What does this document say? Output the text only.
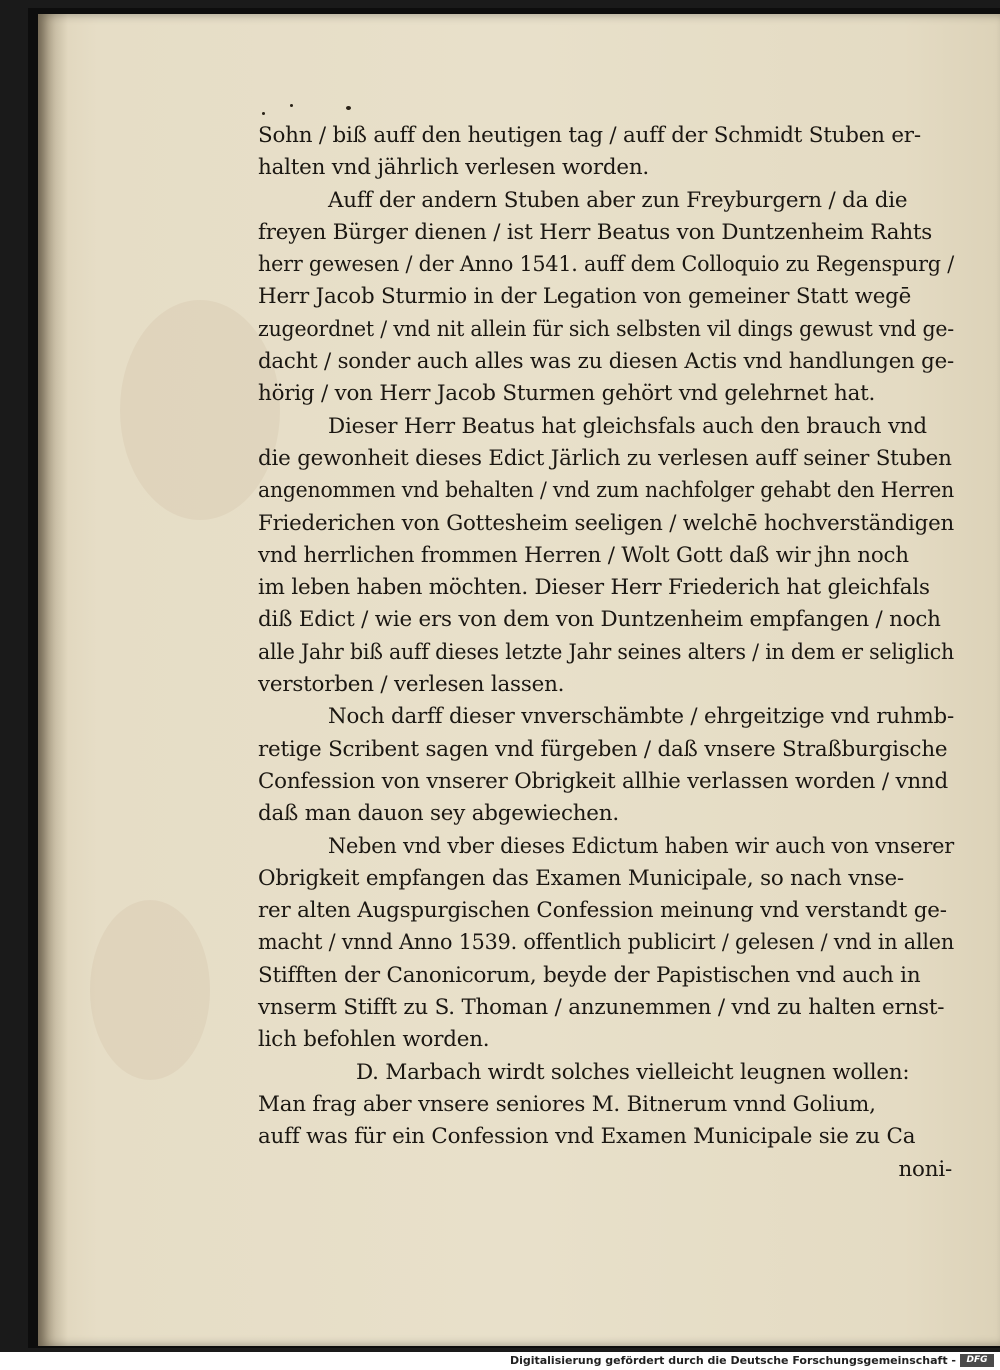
Sohn / biß auff den heutigen tag / auff der Schmidt Stuben er-
halten vnd jährlich verlesen worden.
Auff der andern Stuben aber zun Freyburgern / da die
freyen Bürger dienen / ist Herr Beatus von Duntzenheim Rahts
herr gewesen / der Anno 1541. auff dem Colloquio zu Regenspurg /
Herr Jacob Sturmio in der Legation von gemeiner Statt wegē
zugeordnet / vnd nit allein für sich selbsten vil dings gewust vnd ge-
dacht / sonder auch alles was zu diesen Actis vnd handlungen ge-
hörig / von Herr Jacob Sturmen gehört vnd gelehrnet hat.
Dieser Herr Beatus hat gleichsfals auch den brauch vnd
die gewonheit dieses Edict Järlich zu verlesen auff seiner Stuben
angenommen vnd behalten / vnd zum nachfolger gehabt den Herren
Friederichen von Gottesheim seeligen / welchē hochverständigen
vnd herrlichen frommen Herren / Wolt Gott daß wir jhn noch
im leben haben möchten. Dieser Herr Friederich hat gleichfals
diß Edict / wie ers von dem von Duntzenheim empfangen / noch
alle Jahr biß auff dieses letzte Jahr seines alters / in dem er seliglich
verstorben / verlesen lassen.
Noch darff dieser vnverschämbte / ehrgeitzige vnd ruhmb-
retige Scribent sagen vnd fürgeben / daß vnsere Straßburgische
Confession von vnserer Obrigkeit allhie verlassen worden / vnnd
daß man dauon sey abgewiechen.
Neben vnd vber dieses Edictum haben wir auch von vnserer
Obrigkeit empfangen das Examen Municipale, so nach vnse-
rer alten Augspurgischen Confession meinung vnd verstandt ge-
macht / vnnd Anno 1539. offentlich publicirt / gelesen / vnd in allen
Stifften der Canonicorum, beyde der Papistischen vnd auch in
vnserm Stifft zu S. Thoman / anzunemmen / vnd zu halten ernst-
lich befohlen worden.
D. Marbach wirdt solches vielleicht leugnen wollen:
Man frag aber vnsere seniores M. Bitnerum vnnd Golium,
auff was für ein Confession vnd Examen Municipale sie zu Ca
noni-
Digitalisierung gefördert durch die Deutsche Forschungsgemeinschaft -	DFG
